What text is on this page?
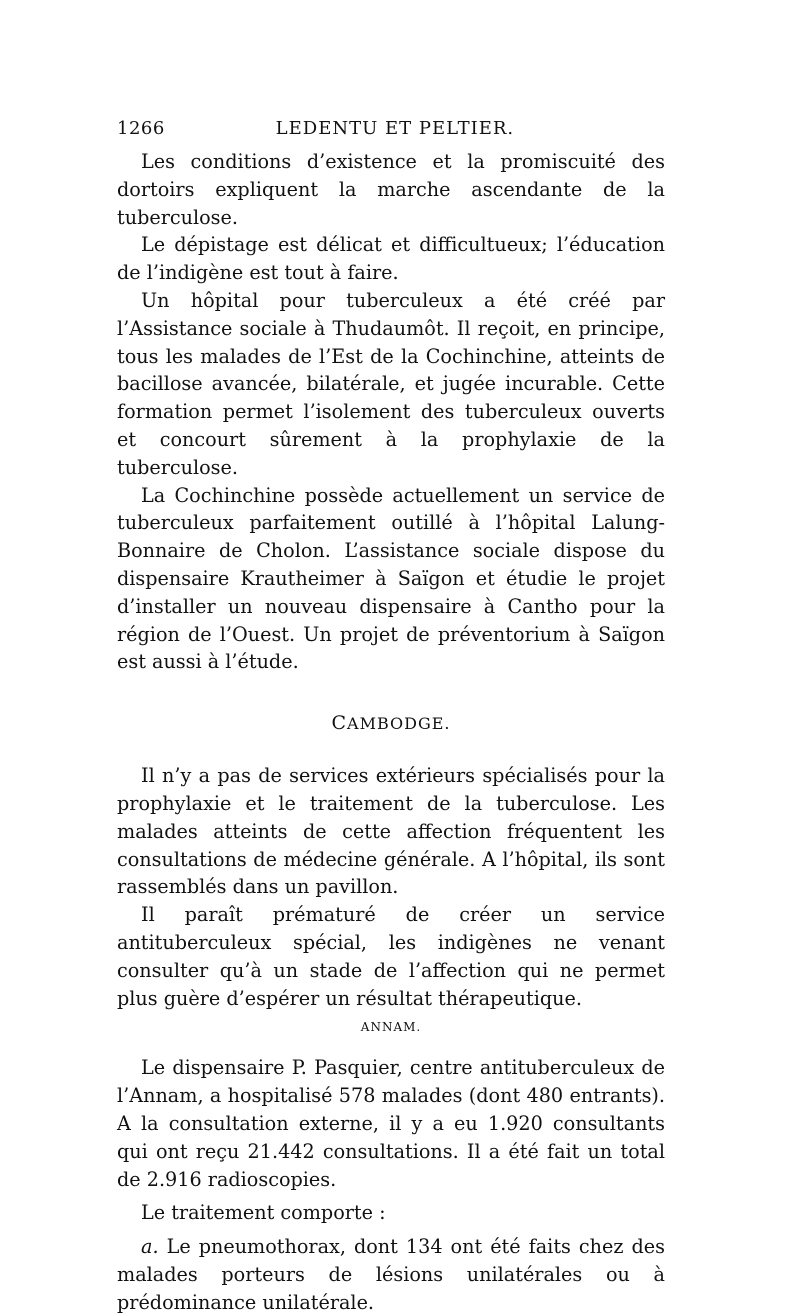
1266	LEDENTU ET PELTIER.

Les conditions d’existence et la promiscuité des dortoirs expliquent la marche ascendante de la tuberculose.

Le dépistage est délicat et difficultueux; l’éducation de l’indigène est tout à faire.

Un hôpital pour tuberculeux a été créé par l’Assistance sociale à Thudaumôt. Il reçoit, en principe, tous les malades de l’Est de la Cochinchine, atteints de bacillose avancée, bilatérale, et jugée incurable. Cette formation permet l’isolement des tuberculeux ouverts et concourt sûrement à la prophylaxie de la tuberculose.

La Cochinchine possède actuellement un service de tuberculeux parfaitement outillé à l’hôpital Lalung-Bonnaire de Cholon. L’assistance sociale dispose du dispensaire Krautheimer à Saïgon et étudie le projet d’installer un nouveau dispensaire à Cantho pour la région de l’Ouest. Un projet de préventorium à Saïgon est aussi à l’étude.

CAMBODGE.

Il n’y a pas de services extérieurs spécialisés pour la prophylaxie et le traitement de la tuberculose. Les malades atteints de cette affection fréquentent les consultations de médecine générale. A l’hôpital, ils sont rassemblés dans un pavillon.

Il paraît prématuré de créer un service antituberculeux spécial, les indigènes ne venant consulter qu’à un stade de l’affection qui ne permet plus guère d’espérer un résultat thérapeutique.

ANNAM.

Le dispensaire P. Pasquier, centre antituberculeux de l’Annam, a hospitalisé 578 malades (dont 480 entrants). A la consultation externe, il y a eu 1.920 consultants qui ont reçu 21.442 consultations. Il a été fait un total de 2.916 radioscopies.

Le traitement comporte :

a. Le pneumothorax, dont 134 ont été faits chez des malades porteurs de lésions unilatérales ou à prédominance unilatérale.
